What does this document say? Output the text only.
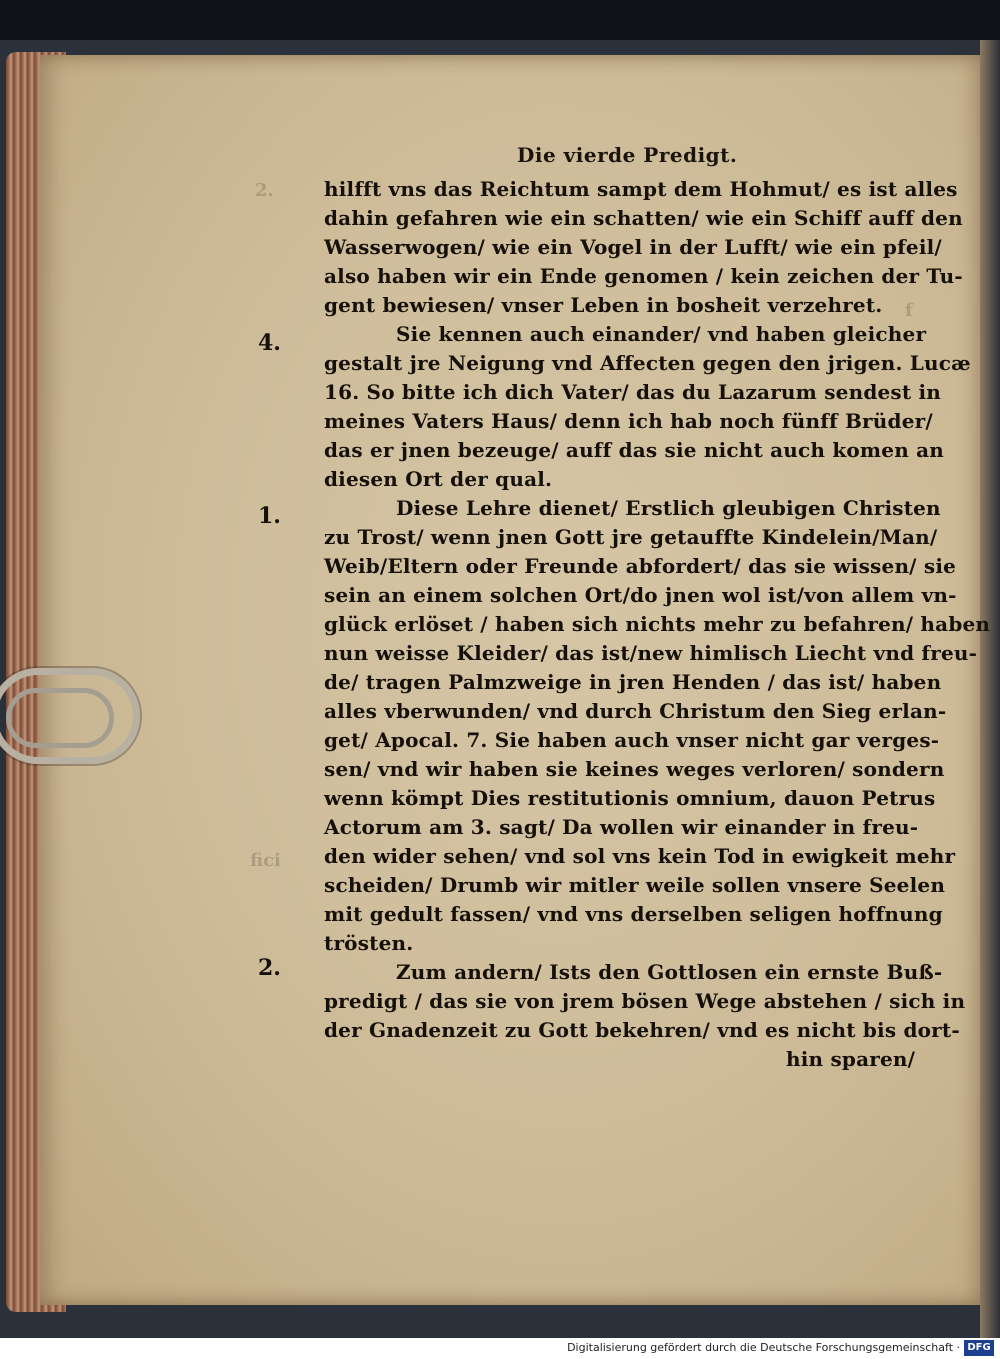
2.
fici
f
Die vierde Predigt.
4.
1.
2.
hilfft vns das Reichtum sampt dem Hohmut/ es ist alles
dahin gefahren wie ein schatten/ wie ein Schiff auff den
Wasserwogen/ wie ein Vogel in der Lufft/ wie ein pfeil/
also haben wir ein Ende genomen / kein zeichen der Tu-
gent bewiesen/ vnser Leben in bosheit verzehret.
Sie kennen auch einander/ vnd haben gleicher
gestalt jre Neigung vnd Affecten gegen den jrigen. Lucæ
16. So bitte ich dich Vater/ das du Lazarum sendest in
meines Vaters Haus/ denn ich hab noch fünff Brüder/
das er jnen bezeuge/ auff das sie nicht auch komen an
diesen Ort der qual.
Diese Lehre dienet/ Erstlich gleubigen Christen
zu Trost/ wenn jnen Gott jre getauffte Kindelein/Man/
Weib/Eltern oder Freunde abfordert/ das sie wissen/ sie
sein an einem solchen Ort/do jnen wol ist/von allem vn-
glück erlöset / haben sich nichts mehr zu befahren/ haben
nun weisse Kleider/ das ist/new himlisch Liecht vnd freu-
de/ tragen Palmzweige in jren Henden / das ist/ haben
alles vberwunden/ vnd durch Christum den Sieg erlan-
get/ Apocal. 7. Sie haben auch vnser nicht gar verges-
sen/ vnd wir haben sie keines weges verloren/ sondern
wenn kömpt Dies restitutionis omnium, dauon Petrus
Actorum am 3. sagt/ Da wollen wir einander in freu-
den wider sehen/ vnd sol vns kein Tod in ewigkeit mehr
scheiden/ Drumb wir mitler weile sollen vnsere Seelen
mit gedult fassen/ vnd vns derselben seligen hoffnung
trösten.
Zum andern/ Ists den Gottlosen ein ernste Buß-
predigt / das sie von jrem bösen Wege abstehen / sich in
der Gnadenzeit zu Gott bekehren/ vnd es nicht bis dort-
hin sparen/
Digitalisierung gefördert durch die Deutsche Forschungsgemeinschaft · DFG
